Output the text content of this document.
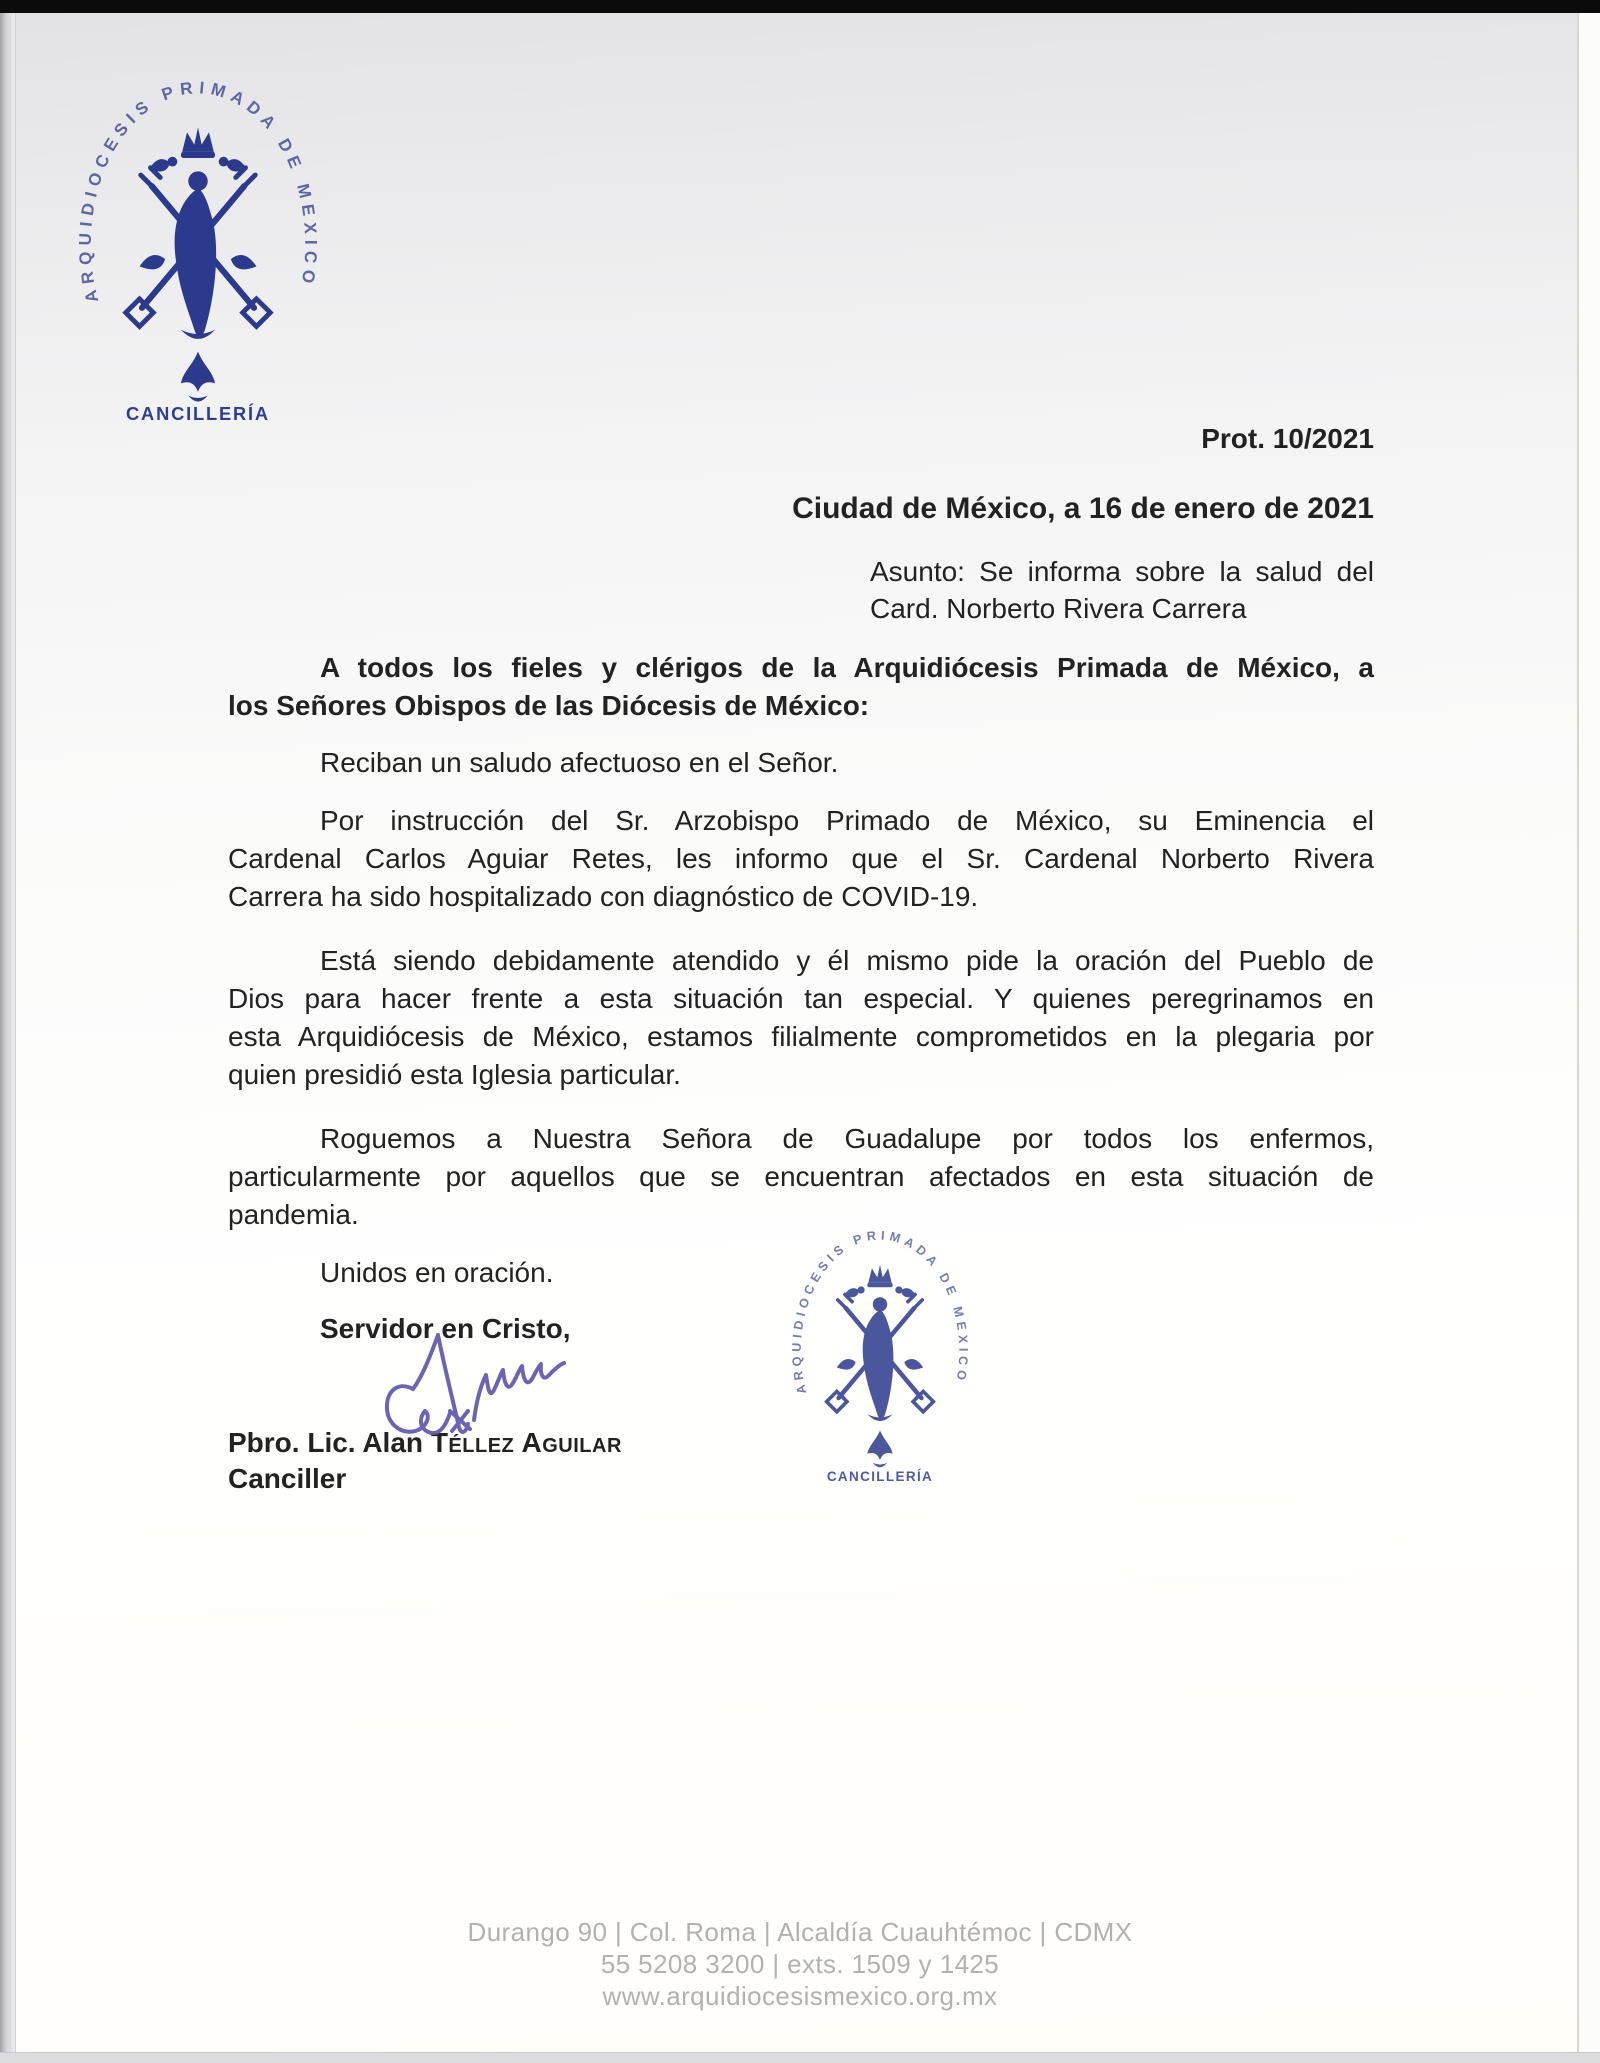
ARQUIDIOCESIS PRIMADA DE MEXICO
CANCILLERÍA
Prot. 10/2021
Ciudad de México, a 16 de enero de 2021
Asunto: Se informa sobre la salud del
Card. Norberto Rivera Carrera
A todos los fieles y clérigos de la Arquidiócesis Primada de México, a
los Señores Obispos de las Diócesis de México:
Reciban un saludo afectuoso en el Señor.
Por instrucción del Sr. Arzobispo Primado de México, su Eminencia el
Cardenal Carlos Aguiar Retes, les informo que el Sr. Cardenal Norberto Rivera
Carrera ha sido hospitalizado con diagnóstico de COVID-19.
Está siendo debidamente atendido y él mismo pide la oración del Pueblo de
Dios para hacer frente a esta situación tan especial. Y quienes peregrinamos en
esta Arquidiócesis de México, estamos filialmente comprometidos en la plegaria por
quien presidió esta Iglesia particular.
Roguemos a Nuestra Señora de Guadalupe por todos los enfermos,
particularmente por aquellos que se encuentran afectados en esta situación de
pandemia.
Unidos en oración.
Servidor en Cristo,
Pbro. Lic. Alan Téllez Aguilar
Canciller
ARQUIDIOCESIS PRIMADA DE MEXICO
CANCILLERÍA
Durango 90 | Col. Roma | Alcaldía Cuauhtémoc | CDMX
55 5208 3200 | exts. 1509 y 1425
www.arquidiocesismexico.org.mx
